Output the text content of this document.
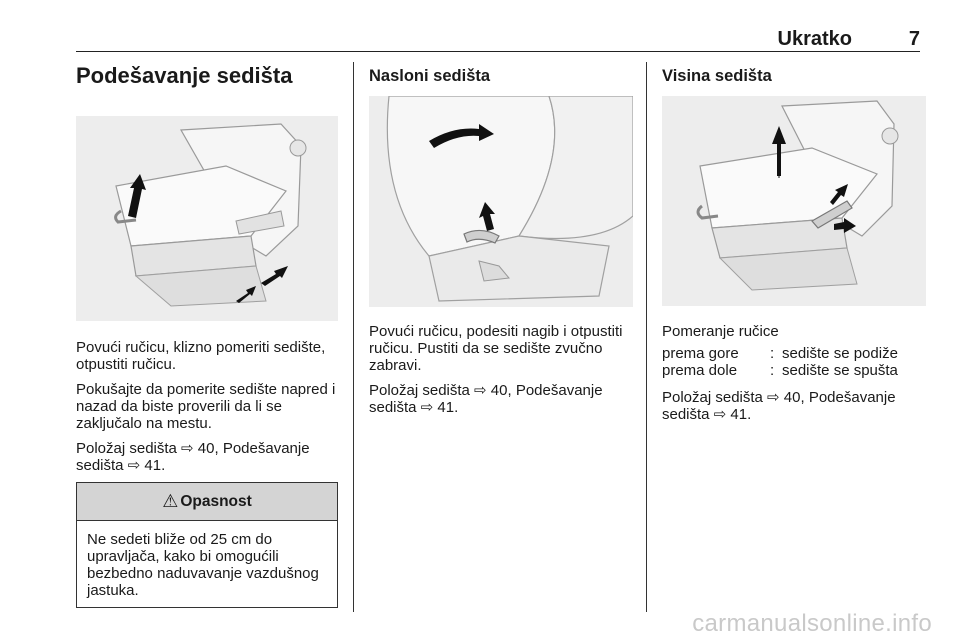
Ukratko	7
Podešavanje sedišta

Povući ručicu, klizno pomeriti sedište, otpustiti ručicu.

Pokušajte da pomerite sedište napred i nazad da biste proverili da li se zaključalo na mestu.

Položaj sedišta ⇨ 40, Podešavanje sedišta ⇨ 41.

⚠ Opasnost
Ne sedeti bliže od 25 cm do upravljača, kako bi omogućili bezbedno naduvavanje vazdušnog jastuka.
Nasloni sedišta

Povući ručicu, podesiti nagib i otpustiti ručicu. Pustiti da se sedište zvučno zabravi.

Položaj sedišta ⇨ 40, Podešavanje sedišta ⇨ 41.

Visina sedišta

Pomeranje ručice

prema gore	: sedište se podiže
prema dole	: sedište se spušta

Položaj sedišta ⇨ 40, Podešavanje sedišta ⇨ 41.

carmanualsonline.info
